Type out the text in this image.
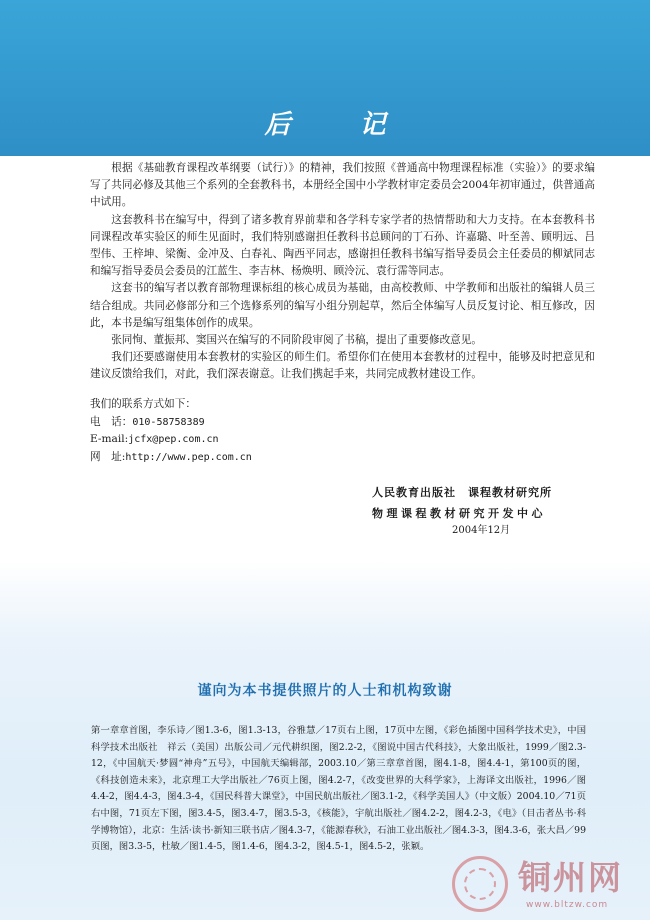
后 记

根据《基础教育课程改革纲要（试行）》的精神，我们按照《普通高中物理课程标准（实验）》的要求编写了共同必修及其他三个系列的全套教科书，本册经全国中小学教材审定委员会2004年初审通过，供普通高中试用。

这套教科书在编写中，得到了诸多教育界前辈和各学科专家学者的热情帮助和大力支持。在本套教科书同课程改革实验区的师生见面时，我们特别感谢担任教科书总顾问的丁石孙、许嘉璐、叶至善、顾明远、吕型伟、王梓坤、梁衡、金冲及、白春礼、陶西平同志，感谢担任教科书编写指导委员会主任委员的柳斌同志和编写指导委员会委员的江蓝生、李吉林、杨焕明、顾泠沅、袁行霈等同志。

这套书的编写者以教育部物理课标组的核心成员为基础，由高校教师、中学教师和出版社的编辑人员三结合组成。共同必修部分和三个选修系列的编写小组分别起草，然后全体编写人员反复讨论、相互修改，因此，本书是编写组集体创作的成果。

张同恂、董振邦、窦国兴在编写的不同阶段审阅了书稿，提出了重要修改意见。

我们还要感谢使用本套教材的实验区的师生们。希望你们在使用本套教材的过程中，能够及时把意见和建议反馈给我们，对此，我们深表谢意。让我们携起手来，共同完成教材建设工作。

我们的联系方式如下：
电　话：010-58758389
E-mail:jcfx@pep.com.cn
网　址:http://www.pep.com.cn
人民教育出版社　课程教材研究所
物理课程教材研究开发中心
2004年12月
谨向为本书提供照片的人士和机构致谢
第一章章首图，李乐诗／图1.3-6，图1.3-13，谷雅慧／17页右上图，17页中左图，《彩色插图中国科学技术史》，中国科学技术出版社　祥云（美国）出版公司／元代耕织图，图2.2-2，《图说中国古代科技》，大象出版社，1999／图2.3-12，《中国航天·梦圆“神舟”五号》，中国航天编辑部，2003.10／第三章章首图，图4.1-8，图4.4-1，第100页的图，《科技创造未来》，北京理工大学出版社／76页上图，图4.2-7，《改变世界的大科学家》，上海译文出版社，1996／图4.4-2，图4.4-3，图4.3-4，《国民科普大课堂》，中国民航出版社／图3.1-2，《科学美国人》（中文版）2004.10／71页右中图，71页左下图，图3.4-5，图3.4-7，图3.5-3，《核能》，宇航出版社／图4.2-2，图4.2-3，《电》（目击者丛书·科学博物馆），北京：生活·读书·新知三联书店／图4.3-7，《能源春秋》，石油工业出版社／图4.3-3，图4.3-6，张大昌／99页图，图3.3-5，杜敏／图1.4-5，图1.4-6，图4.3-2，图4.5-1，图4.5-2，张颖。
铜州网
www.bltzw.com
